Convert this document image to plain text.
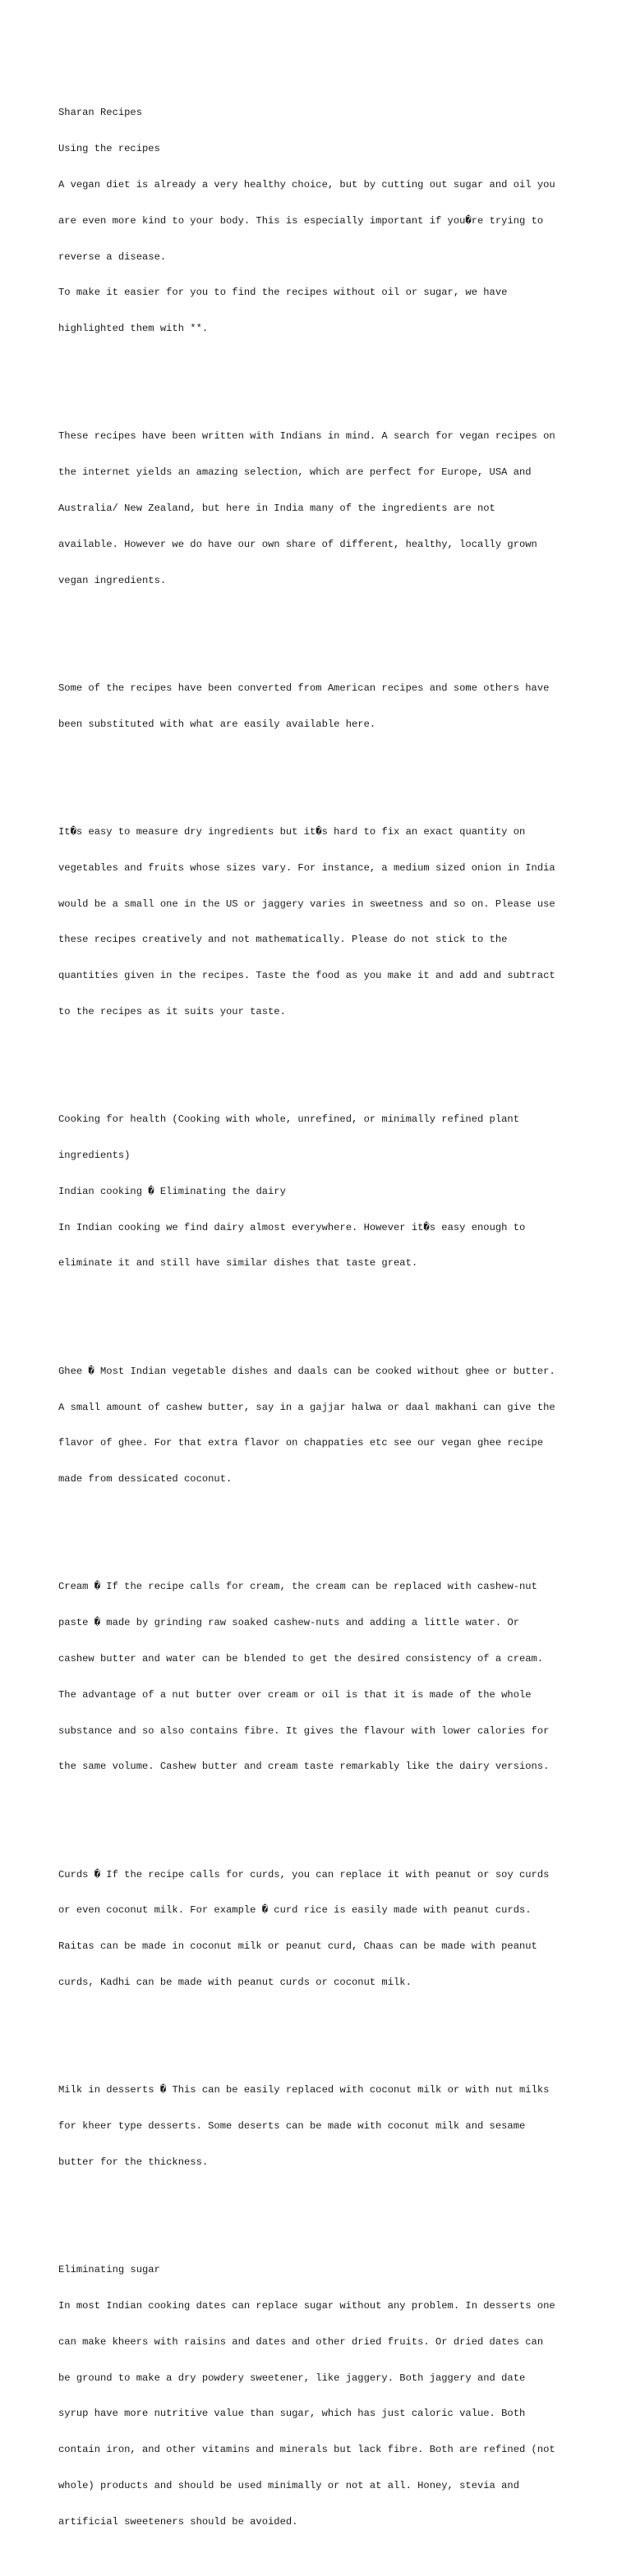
Sharan Recipes

Using the recipes

A vegan diet is already a very healthy choice, but by cutting out sugar and oil you

are even more kind to your body. This is especially important if you�re trying to

reverse a disease.

To make it easier for you to find the recipes without oil or sugar, we have

highlighted them with **.

These recipes have been written with Indians in mind. A search for vegan recipes on

the internet yields an amazing selection, which are perfect for Europe, USA and

Australia/ New Zealand, but here in India many of the ingredients are not

available. However we do have our own share of different, healthy, locally grown

vegan ingredients.

Some of the recipes have been converted from American recipes and some others have

been substituted with what are easily available here.

It�s easy to measure dry ingredients but it�s hard to fix an exact quantity on

vegetables and fruits whose sizes vary. For instance, a medium sized onion in India

would be a small one in the US or jaggery varies in sweetness and so on. Please use

these recipes creatively and not mathematically. Please do not stick to the

quantities given in the recipes. Taste the food as you make it and add and subtract

to the recipes as it suits your taste.

Cooking for health (Cooking with whole, unrefined, or minimally refined plant

ingredients)

Indian cooking � Eliminating the dairy

In Indian cooking we find dairy almost everywhere. However it�s easy enough to

eliminate it and still have similar dishes that taste great.

Ghee � Most Indian vegetable dishes and daals can be cooked without ghee or butter.

A small amount of cashew butter, say in a gajjar halwa or daal makhani can give the

flavor of ghee. For that extra flavor on chappaties etc see our vegan ghee recipe

made from dessicated coconut.

Cream � If the recipe calls for cream, the cream can be replaced with cashew-nut

paste � made by grinding raw soaked cashew-nuts and adding a little water. Or

cashew butter and water can be blended to get the desired consistency of a cream.

The advantage of a nut butter over cream or oil is that it is made of the whole

substance and so also contains fibre. It gives the flavour with lower calories for

the same volume. Cashew butter and cream taste remarkably like the dairy versions.

Curds � If the recipe calls for curds, you can replace it with peanut or soy curds

or even coconut milk. For example � curd rice is easily made with peanut curds.

Raitas can be made in coconut milk or peanut curd, Chaas can be made with peanut

curds, Kadhi can be made with peanut curds or coconut milk.

Milk in desserts � This can be easily replaced with coconut milk or with nut milks

for kheer type desserts. Some deserts can be made with coconut milk and sesame

butter for the thickness.

Eliminating sugar

In most Indian cooking dates can replace sugar without any problem. In desserts one

can make kheers with raisins and dates and other dried fruits. Or dried dates can

be ground to make a dry powdery sweetener, like jaggery. Both jaggery and date

syrup have more nutritive value than sugar, which has just caloric value. Both

contain iron, and other vitamins and minerals but lack fibre. Both are refined (not

whole) products and should be used minimally or not at all. Honey, stevia and

artificial sweeteners should be avoided.
